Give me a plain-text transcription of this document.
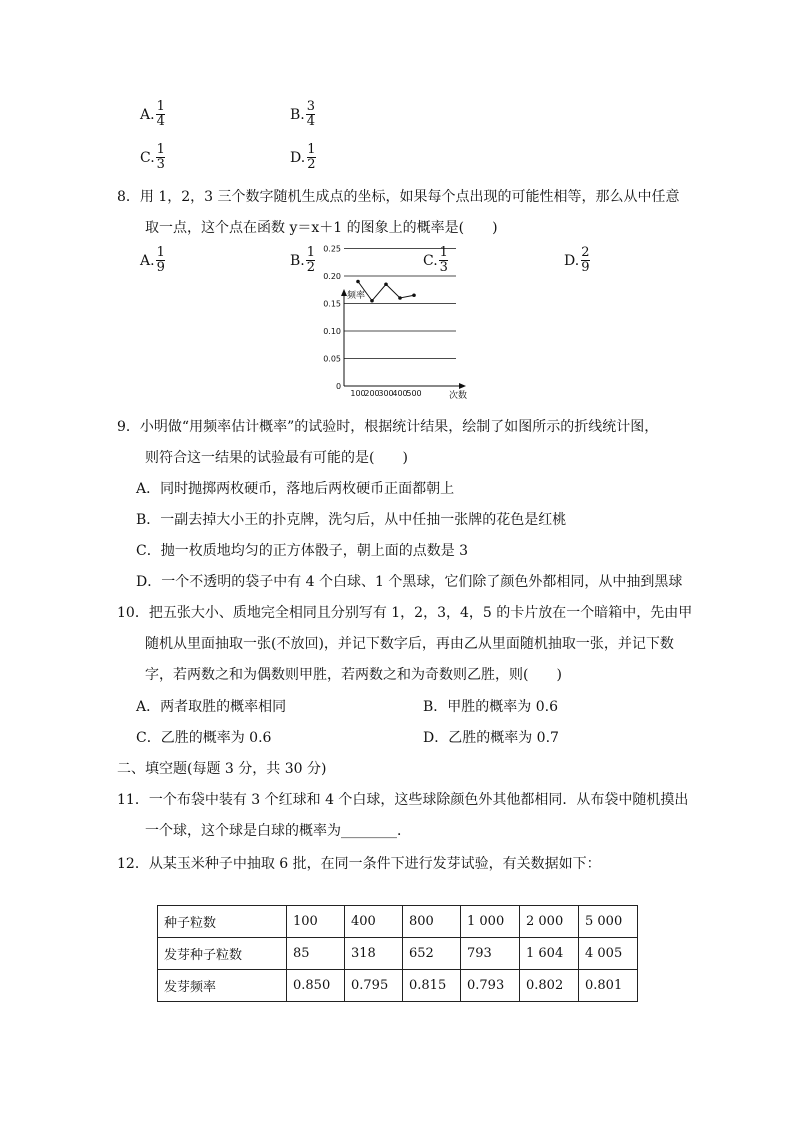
A. $\frac{1}{4}$	B. $\frac{3}{4}$
C. $\frac{1}{3}$	D. $\frac{1}{2}$
8．用 1，2，3 三个数字随机生成点的坐标，如果每个点出现的可能性相等，那么从中任意
取一点，这个点在函数 y＝x＋1 的图象上的概率是(　　)
A. $\frac{1}{9}$	B. $\frac{1}{2}$	C. $\frac{1}{3}$	D. $\frac{2}{9}$
频率
次数
0
0.25
0.20
0.15
0.10
0.05
100
200
300
400
500
9．小明做“用频率估计概率”的试验时，根据统计结果，绘制了如图所示的折线统计图，
则符合这一结果的试验最有可能的是(　　)
A．同时抛掷两枚硬币，落地后两枚硬币正面都朝上
B．一副去掉大小王的扑克牌，洗匀后，从中任抽一张牌的花色是红桃
C．抛一枚质地均匀的正方体骰子，朝上面的点数是 3
D．一个不透明的袋子中有 4 个白球、1 个黑球，它们除了颜色外都相同，从中抽到黑球
10．把五张大小、质地完全相同且分别写有 1，2，3，4，5 的卡片放在一个暗箱中，先由甲
随机从里面抽取一张(不放回)，并记下数字后，再由乙从里面随机抽取一张，并记下数
字，若两数之和为偶数则甲胜，若两数之和为奇数则乙胜，则(　　)
A．两者取胜的概率相同	B．甲胜的概率为 0.6
C．乙胜的概率为 0.6	D．乙胜的概率为 0.7
二、填空题(每题 3 分，共 30 分)
11．一个布袋中装有 3 个红球和 4 个白球，这些球除颜色外其他都相同．从布袋中随机摸出
一个球，这个球是白球的概率为________．
12．从某玉米种子中抽取 6 批，在同一条件下进行发芽试验，有关数据如下：
种子粒数	100	400	800	1 000	2 000	5 000
发芽种子粒数	85	318	652	793	1 604	4 005
发芽频率	0.850	0.795	0.815	0.793	0.802	0.801
